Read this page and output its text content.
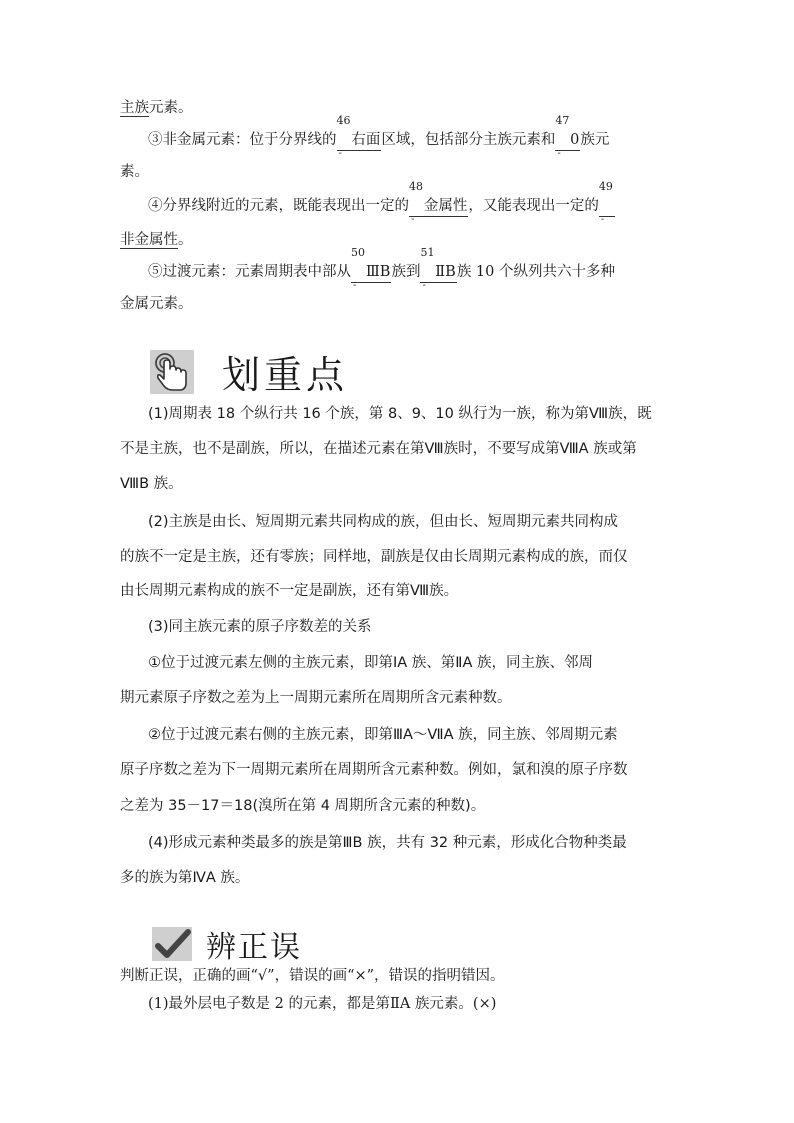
主族元素。
③非金属元素：位于分界线的
46
-
右面区域，包括部分主族元素和
47
-
0族元
素。
④分界线附近的元素，既能表现出一定的
48
-
金属性，又能表现出一定的
49
-

非金属性。
⑤过渡元素：元素周期表中部从
50
-
ⅢB族到
51
-
ⅡB族 10 个纵列共六十多种
金属元素。
划重点
(1)周期表 18 个纵行共 16 个族，第 8、9、10 纵行为一族，称为第Ⅷ族，既
不是主族，也不是副族，所以，在描述元素在第Ⅷ族时，不要写成第ⅧA 族或第
ⅧB 族。
(2)主族是由长、短周期元素共同构成的族，但由长、短周期元素共同构成
的族不一定是主族，还有零族；同样地，副族是仅由长周期元素构成的族，而仅
由长周期元素构成的族不一定是副族，还有第Ⅷ族。
(3)同主族元素的原子序数差的关系
①位于过渡元素左侧的主族元素，即第ⅠA 族、第ⅡA 族，同主族、邻周
期元素原子序数之差为上一周期元素所在周期所含元素种数。
②位于过渡元素右侧的主族元素，即第ⅢA～ⅦA 族，同主族、邻周期元素
原子序数之差为下一周期元素所在周期所含元素种数。例如，氯和溴的原子序数
之差为 35－17＝18(溴所在第 4 周期所含元素的种数)。
(4)形成元素种类最多的族是第ⅢB 族，共有 32 种元素，形成化合物种类最
多的族为第ⅣA 族。
辨正误
判断正误，正确的画“√”，错误的画“×”，错误的指明错因。
(1)最外层电子数是 2 的元素，都是第ⅡA 族元素。(×)
